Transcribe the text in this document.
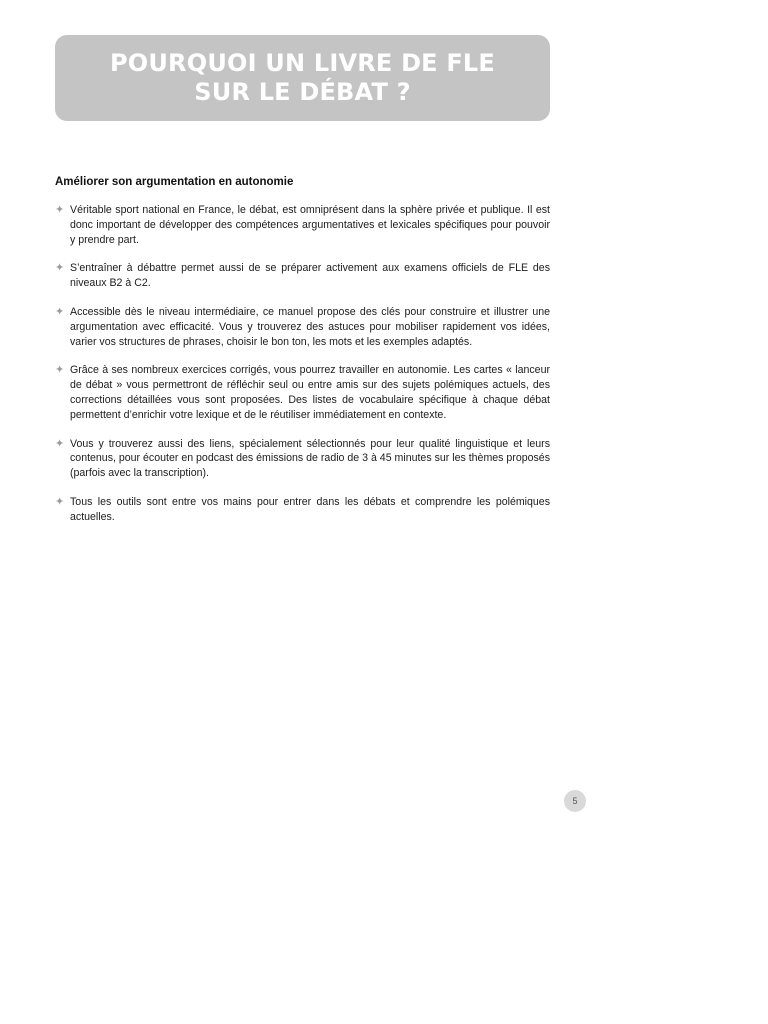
POURQUOI UN LIVRE DE FLE
SUR LE DÉBAT ?
Améliorer son argumentation en autonomie
✦ Véritable sport national en France, le débat, est omniprésent dans la sphère privée et publique. Il est donc important de développer des compétences argumentatives et lexicales spécifiques pour pouvoir y prendre part.
✦ S’entraîner à débattre permet aussi de se préparer activement aux examens officiels de FLE des niveaux B2 à C2.
✦ Accessible dès le niveau intermédiaire, ce manuel propose des clés pour construire et illustrer une argumentation avec efficacité. Vous y trouverez des astuces pour mobiliser rapidement vos idées, varier vos structures de phrases, choisir le bon ton, les mots et les exemples adaptés.
✦ Grâce à ses nombreux exercices corrigés, vous pourrez travailler en autonomie. Les cartes « lanceur de débat » vous permettront de réfléchir seul ou entre amis sur des sujets polémiques actuels, des corrections détaillées vous sont proposées. Des listes de vocabulaire spécifique à chaque débat permettent d’enrichir votre lexique et de le réutiliser immédiatement en contexte.
✦ Vous y trouverez aussi des liens, spécialement sélectionnés pour leur qualité linguistique et leurs contenus, pour écouter en podcast des émissions de radio de 3 à 45 minutes sur les thèmes proposés (parfois avec la transcription).
✦ Tous les outils sont entre vos mains pour entrer dans les débats et comprendre les polémiques actuelles.
5
